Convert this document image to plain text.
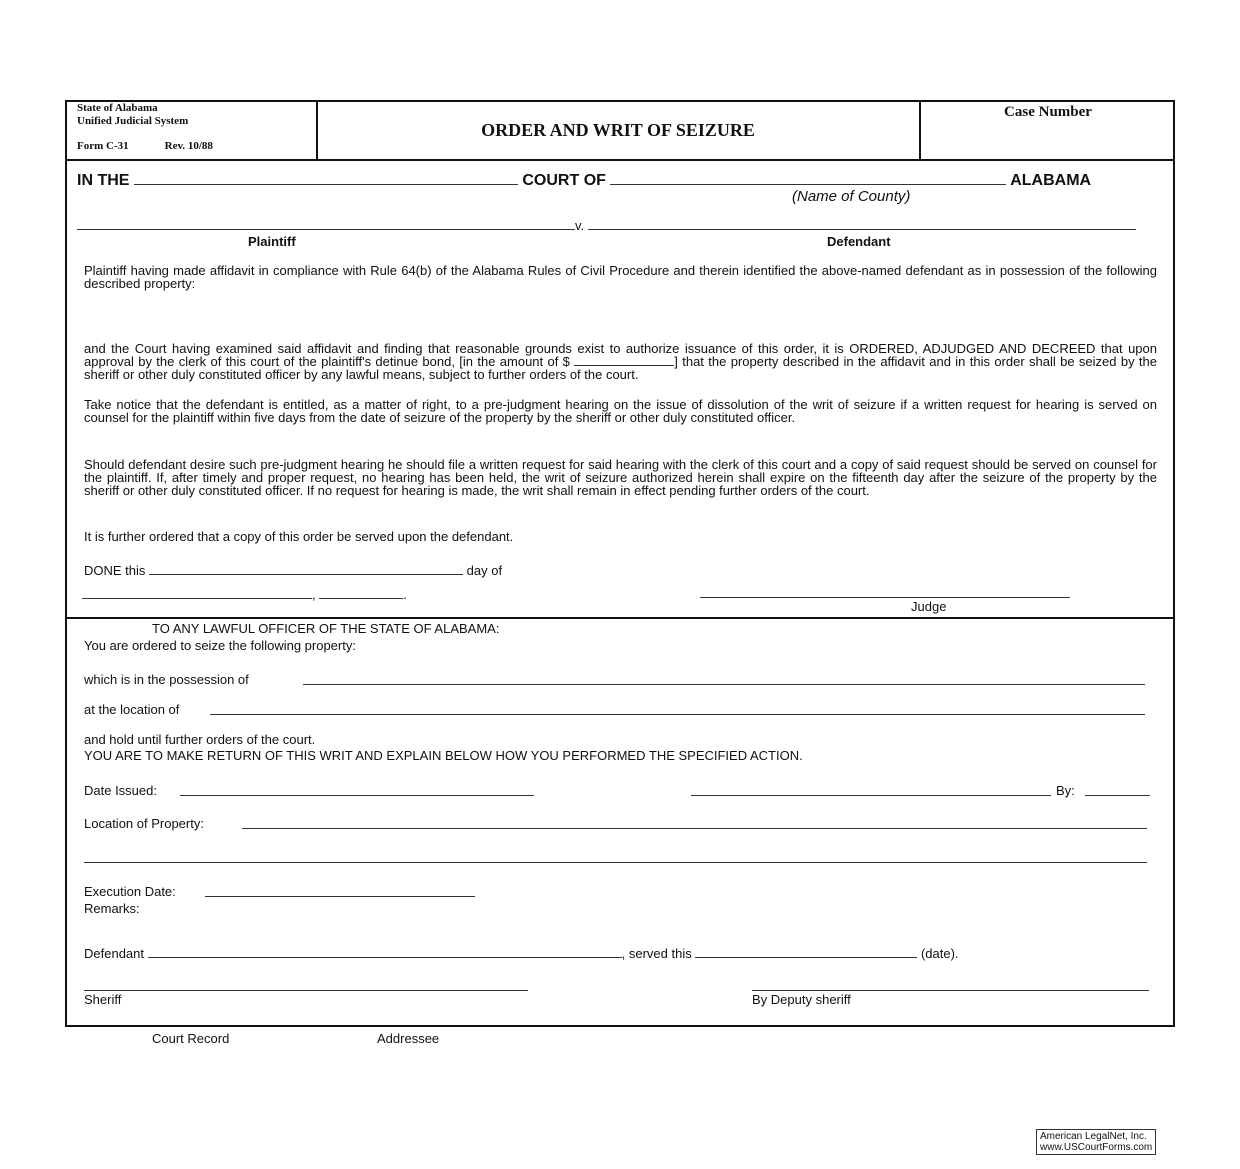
State of Alabama
Unified Judicial System
Form C-31	Rev. 10/88
ORDER AND WRIT OF SEIZURE
Case Number
IN THE	COURT OF	ALABAMA
(Name of County)
v.
Plaintiff	Defendant
Plaintiff having made affidavit in compliance with Rule 64(b) of the Alabama Rules of Civil Procedure and therein identified the above-named defendant as in possession of the following described property:
and the Court having examined said affidavit and finding that reasonable grounds exist to authorize issuance of this order, it is ORDERED, ADJUDGED AND DECREED that upon approval by the clerk of this court of the plaintiff's detinue bond, [in the amount of $	] that the property described in the affidavit and in this order shall be seized by the sheriff or other duly constituted officer by any lawful means, subject to further orders of the court.
Take notice that the defendant is entitled, as a matter of right, to a pre-judgment hearing on the issue of dissolution of the writ of seizure if a written request for hearing is served on counsel for the plaintiff within five days from the date of seizure of the property by the sheriff or other duly constituted officer.
Should defendant desire such pre-judgment hearing he should file a written request for said hearing with the clerk of this court and a copy of said request should be served on counsel for the plaintiff. If, after timely and proper request, no hearing has been held, the writ of seizure authorized herein shall expire on the fifteenth day after the seizure of the property by the sheriff or other duly constituted officer. If no request for hearing is made, the writ shall remain in effect pending further orders of the court.
It is further ordered that a copy of this order be served upon the defendant.
DONE this	day of
,	.
Judge
TO ANY LAWFUL OFFICER OF THE STATE OF ALABAMA:
You are ordered to seize the following property:
which is in the possession of
at the location of
and hold until further orders of the court.
YOU ARE TO MAKE RETURN OF THIS WRIT AND EXPLAIN BELOW HOW YOU PERFORMED THE SPECIFIED ACTION.
Date Issued:	By:
Location of Property:
Execution Date:
Remarks:
Defendant	, served this	(date).
Sheriff	By Deputy sheriff
Court Record	Addressee
American LegalNet, Inc.
www.USCourtForms.com
